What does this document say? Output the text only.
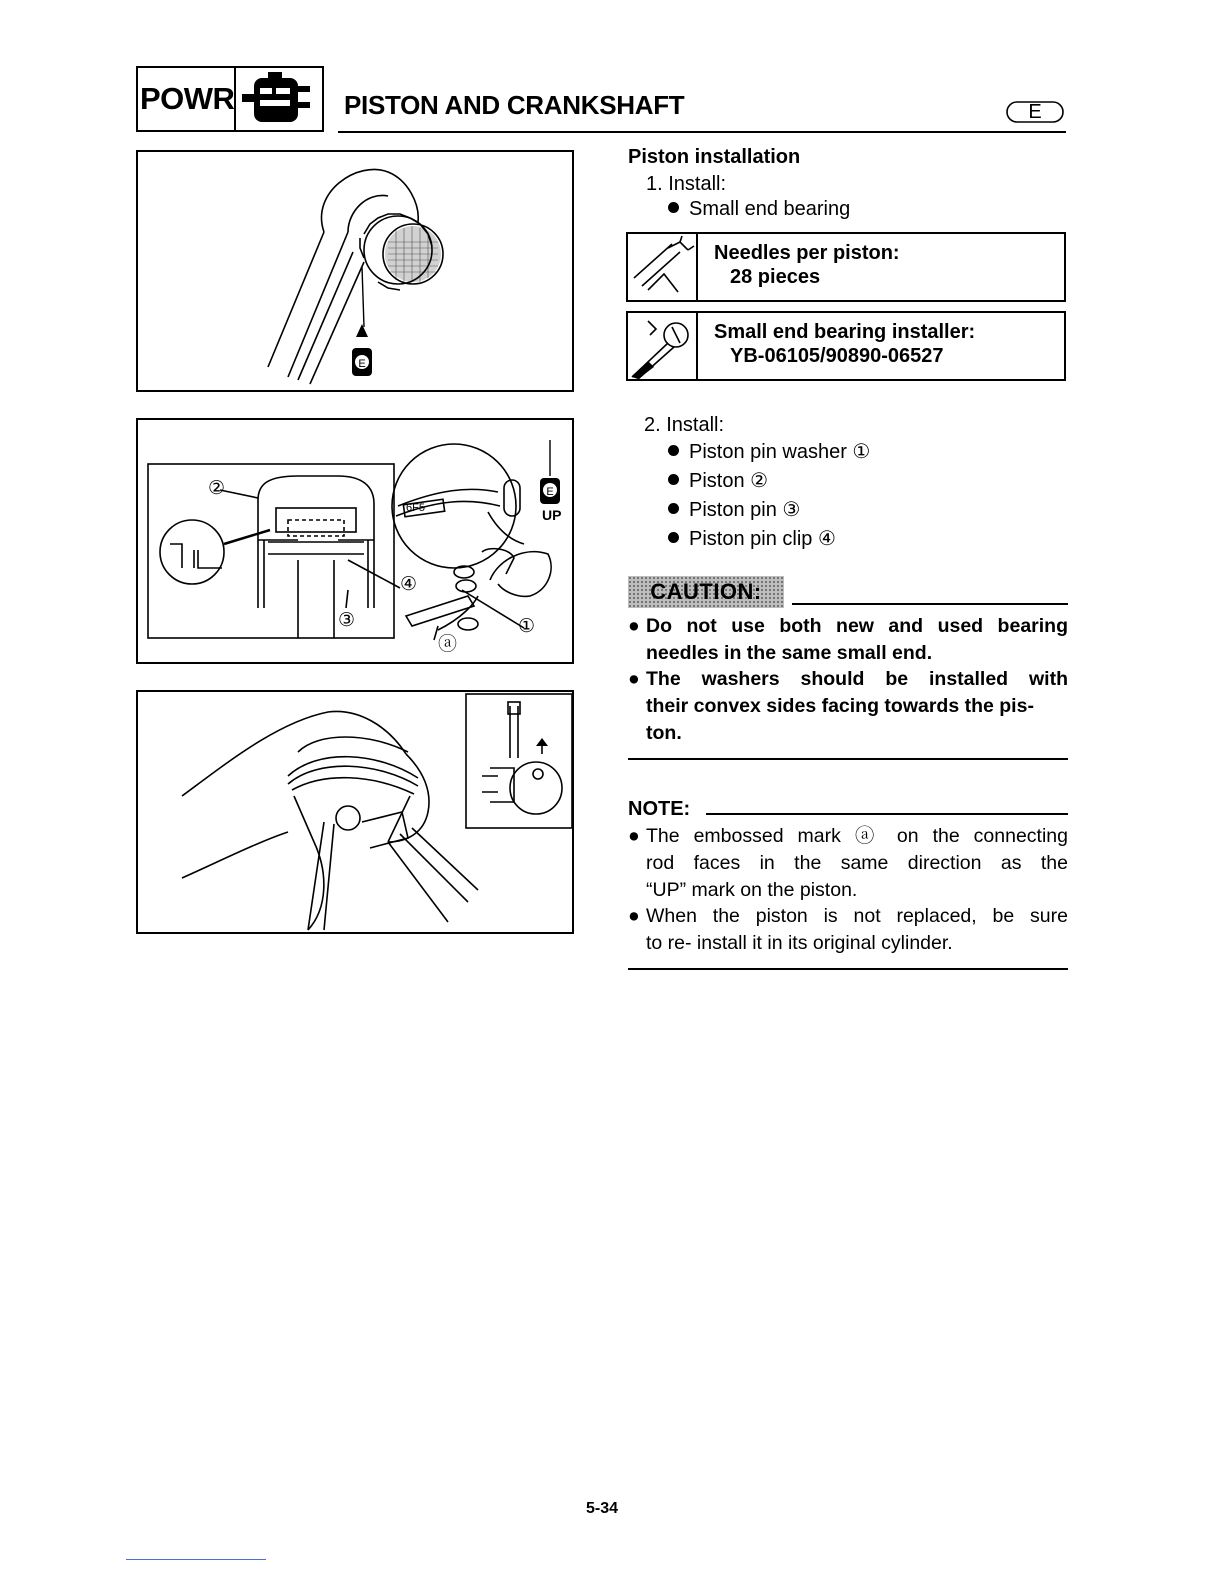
POWR	PISTON AND CRANKSHAFT	E
E
E
6F5	UP
②
③
④
①
ⓐ
Piston installation
1. Install:
Small end bearing
Needles per piston:
28 pieces
Small end bearing installer:
YB-06105/90890-06527
2. Install:
Piston pin washer ①
Piston ②
Piston pin ③
Piston pin clip ④
CAUTION:
● Do not use both new and used bearing
needles in the same small end.
● The washers should be installed with
their convex sides facing towards the pis-
ton.
NOTE:
● The embossed mark ⓐ on the connecting
rod faces in the same direction as the
“UP” mark on the piston.
● When the piston is not replaced, be sure
to re- install it in its original cylinder.
5-34
